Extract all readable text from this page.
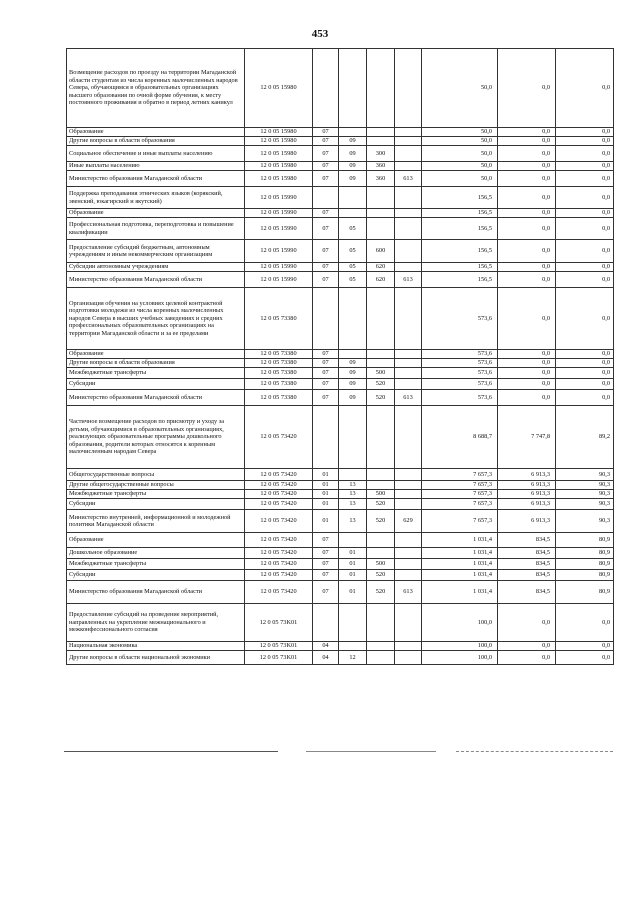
453
Возмещение расходов по проезду на территории Магаданской области студентам из числа коренных малочисленных народов Севера, обучающимся в образовательных организациях высшего образования по очной форме обучения, к месту постоянного проживания и обратно в период летних каникул	12 0 05 15980					50,0	0,0	0,0
Образование	12 0 05 15980	07				50,0	0,0	0,0
Другие вопросы в области образования	12 0 05 15980	07	09			50,0	0,0	0,0
Социальное обеспечение и иные выплаты населению	12 0 05 15980	07	09	300		50,0	0,0	0,0
Иные выплаты населению	12 0 05 15980	07	09	360		50,0	0,0	0,0
Министерство образования Магаданской области	12 0 05 15980	07	09	360	613	50,0	0,0	0,0
Поддержка преподавания этнических языков (корякский, эвенский, юкагирский и якутский)	12 0 05 15990					156,5	0,0	0,0
Образование	12 0 05 15990	07				156,5	0,0	0,0
Профессиональная подготовка, переподготовка и повышение квалификации	12 0 05 15990	07	05			156,5	0,0	0,0
Предоставление субсидий бюджетным, автономным учреждениям и иным некоммерческим организациям	12 0 05 15990	07	05	600		156,5	0,0	0,0
Субсидии автономным учреждениям	12 0 05 15990	07	05	620		156,5	0,0	0,0
Министерство образования Магаданской области	12 0 05 15990	07	05	620	613	156,5	0,0	0,0
Организация обучения на условиях целевой контрактной подготовки молодежи из числа коренных малочисленных народов Севера в высших учебных заведениях и средних профессиональных образовательных организациях на территории Магаданской области и за ее пределами	12 0 05 73380					573,6	0,0	0,0
Образование	12 0 05 73380	07				573,6	0,0	0,0
Другие вопросы в области образования	12 0 05 73380	07	09			573,6	0,0	0,0
Межбюджетные трансферты	12 0 05 73380	07	09	500		573,6	0,0	0,0
Субсидии	12 0 05 73380	07	09	520		573,6	0,0	0,0
Министерство образования Магаданской области	12 0 05 73380	07	09	520	613	573,6	0,0	0,0
Частичное возмещение расходов по присмотру и уходу за детьми, обучающимися в образовательных организациях, реализующих образовательные программы дошкольного образования, родители которых относятся к коренным малочисленным народам Севера	12 0 05 73420					8 688,7	7 747,8	89,2
Общегосударственные вопросы	12 0 05 73420	01				7 657,3	6 913,3	90,3
Другие общегосударственные вопросы	12 0 05 73420	01	13			7 657,3	6 913,3	90,3
Межбюджетные трансферты	12 0 05 73420	01	13	500		7 657,3	6 913,3	90,3
Субсидии	12 0 05 73420	01	13	520		7 657,3	6 913,3	90,3
Министерство внутренней, информационной и молодежной политики Магаданской области	12 0 05 73420	01	13	520	629	7 657,3	6 913,3	90,3
Образование	12 0 05 73420	07				1 031,4	834,5	80,9
Дошкольное образование	12 0 05 73420	07	01			1 031,4	834,5	80,9
Межбюджетные трансферты	12 0 05 73420	07	01	500		1 031,4	834,5	80,9
Субсидии	12 0 05 73420	07	01	520		1 031,4	834,5	80,9
Министерство образования Магаданской области	12 0 05 73420	07	01	520	613	1 031,4	834,5	80,9
Предоставление субсидий на проведение мероприятий, направленных на укрепление межнационального и межконфессионального согласия	12 0 05 73K01					100,0	0,0	0,0
Национальная экономика	12 0 05 73K01	04				100,0	0,0	0,0
Другие вопросы в области национальной экономики	12 0 05 73K01	04	12			100,0	0,0	0,0
